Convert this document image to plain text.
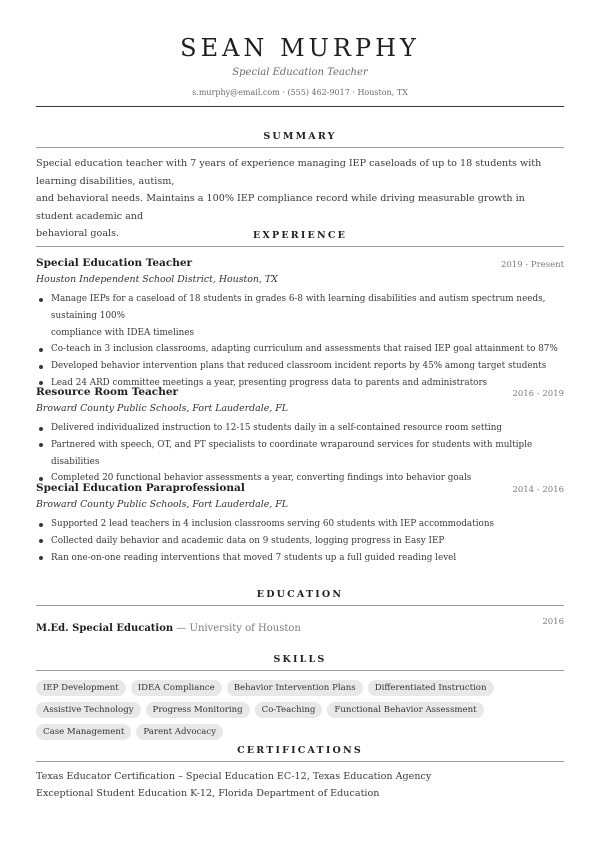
SEAN MURPHY
Special Education Teacher
s.murphy@email.com · (555) 462-9017 · Houston, TX
SUMMARY
Special education teacher with 7 years of experience managing IEP caseloads of up to 18 students with learning disabilities, autism,
and behavioral needs. Maintains a 100% IEP compliance record while driving measurable growth in student academic and
behavioral goals.	EXPERIENCE
Special Education Teacher	2019 - Present
Houston Independent School District, Houston, TX
Manage IEPs for a caseload of 18 students in grades 6-8 with learning disabilities and autism spectrum needs, sustaining 100%
compliance with IDEA timelines
Co-teach in 3 inclusion classrooms, adapting curriculum and assessments that raised IEP goal attainment to 87%
Developed behavior intervention plans that reduced classroom incident reports by 45% among target students
Lead 24 ARD committee meetings a year, presenting progress data to parents and administrators
Resource Room Teacher	2016 - 2019
Broward County Public Schools, Fort Lauderdale, FL
Delivered individualized instruction to 12-15 students daily in a self-contained resource room setting
Partnered with speech, OT, and PT specialists to coordinate wraparound services for students with multiple disabilities
Completed 20 functional behavior assessments a year, converting findings into behavior goals
Special Education Paraprofessional	2014 - 2016
Broward County Public Schools, Fort Lauderdale, FL
Supported 2 lead teachers in 4 inclusion classrooms serving 60 students with IEP accommodations
Collected daily behavior and academic data on 9 students, logging progress in Easy IEP
Ran one-on-one reading interventions that moved 7 students up a full guided reading level
EDUCATION
M.Ed. Special Education — University of Houston
2016
SKILLS
IEP Development	IDEA Compliance	Behavior Intervention Plans	Differentiated Instruction
Assistive Technology	Progress Monitoring	Co-Teaching	Functional Behavior Assessment
Case Management	Parent Advocacy
CERTIFICATIONS
Texas Educator Certification – Special Education EC-12, Texas Education Agency
Exceptional Student Education K-12, Florida Department of Education
